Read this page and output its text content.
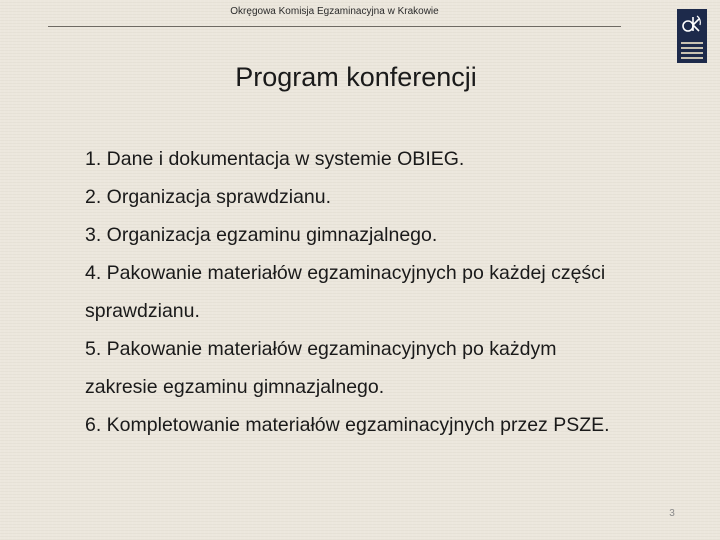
Okręgowa Komisja Egzaminacyjna w Krakowie
Program konferencji
1. Dane i dokumentacja w systemie OBIEG.
2. Organizacja sprawdzianu.
3. Organizacja egzaminu gimnazjalnego.
4. Pakowanie materiałów egzaminacyjnych po każdej części
sprawdzianu.
5. Pakowanie materiałów egzaminacyjnych po każdym
zakresie egzaminu gimnazjalnego.
6. Kompletowanie materiałów egzaminacyjnych przez PSZE.
3
